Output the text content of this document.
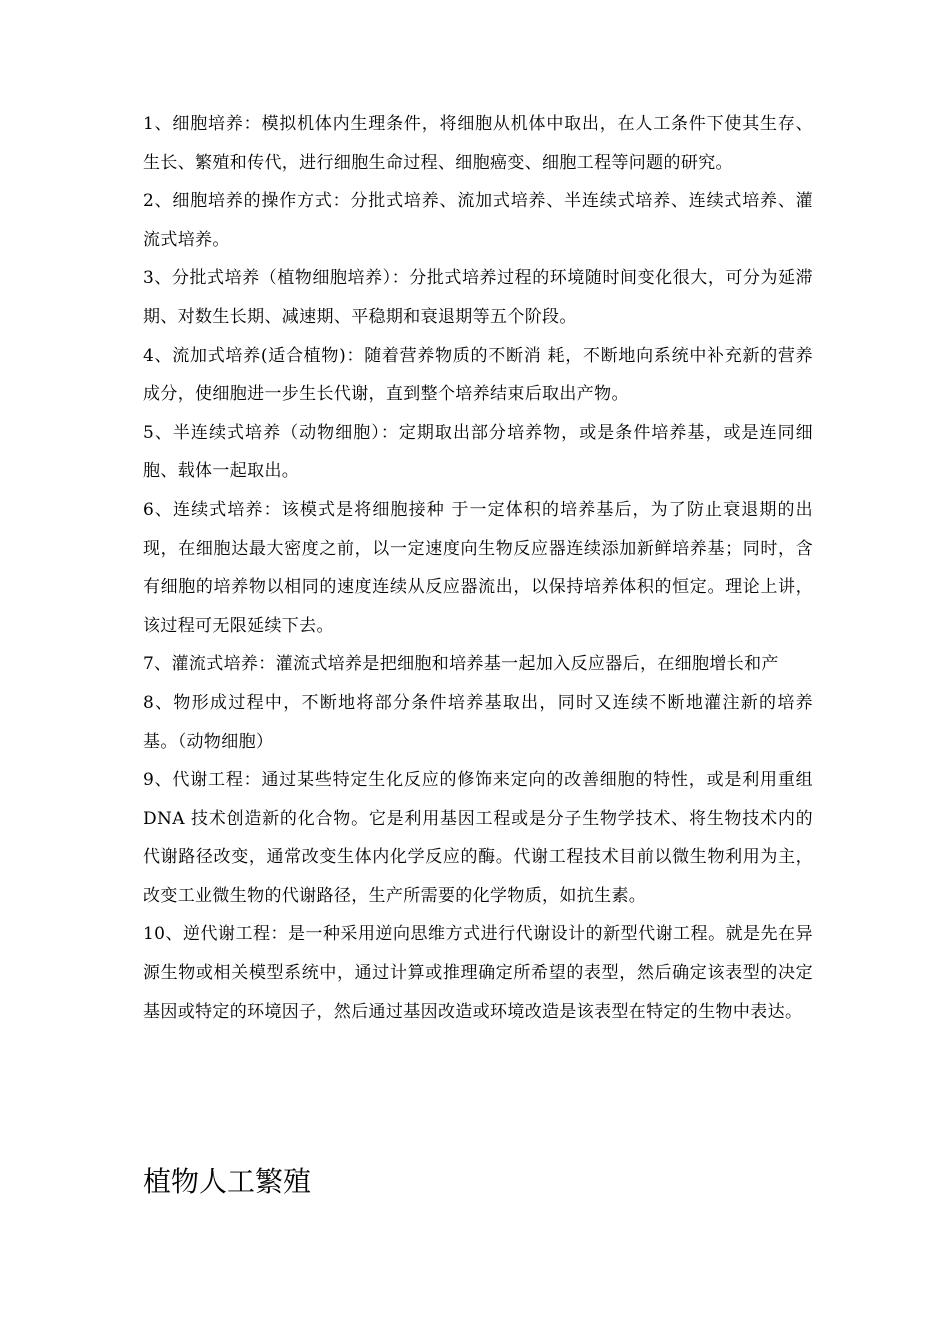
1、细胞培养：模拟机体内生理条件，将细胞从机体中取出，在人工条件下使其生存、生长、繁殖和传代，进行细胞生命过程、细胞癌变、细胞工程等问题的研究。

2、细胞培养的操作方式：分批式培养、流加式培养、半连续式培养、连续式培养、灌流式培养。

3、分批式培养（植物细胞培养）：分批式培养过程的环境随时间变化很大，可分为延滞期、对数生长期、减速期、平稳期和衰退期等五个阶段。

4、流加式培养(适合植物)：随着营养物质的不断消 耗，不断地向系统中补充新的营养成分，使细胞进一步生长代谢，直到整个培养结束后取出产物。

5、半连续式培养（动物细胞）：定期取出部分培养物，或是条件培养基，或是连同细胞、载体一起取出。

6、连续式培养：该模式是将细胞接种 于一定体积的培养基后，为了防止衰退期的出现，在细胞达最大密度之前，以一定速度向生物反应器连续添加新鲜培养基；同时，含有细胞的培养物以相同的速度连续从反应器流出，以保持培养体积的恒定。理论上讲，该过程可无限延续下去。

7、灌流式培养：灌流式培养是把细胞和培养基一起加入反应器后，在细胞增长和产

8、物形成过程中，不断地将部分条件培养基取出，同时又连续不断地灌注新的培养基。（动物细胞）

9、代谢工程：通过某些特定生化反应的修饰来定向的改善细胞的特性，或是利用重组 DNA 技术创造新的化合物。它是利用基因工程或是分子生物学技术、将生物技术内的代谢路径改变，通常改变生体内化学反应的酶。代谢工程技术目前以微生物利用为主，改变工业微生物的代谢路径，生产所需要的化学物质，如抗生素。

10、逆代谢工程：是一种采用逆向思维方式进行代谢设计的新型代谢工程。就是先在异源生物或相关模型系统中，通过计算或推理确定所希望的表型，然后确定该表型的决定基因或特定的环境因子，然后通过基因改造或环境改造是该表型在特定的生物中表达。

植物人工繁殖
